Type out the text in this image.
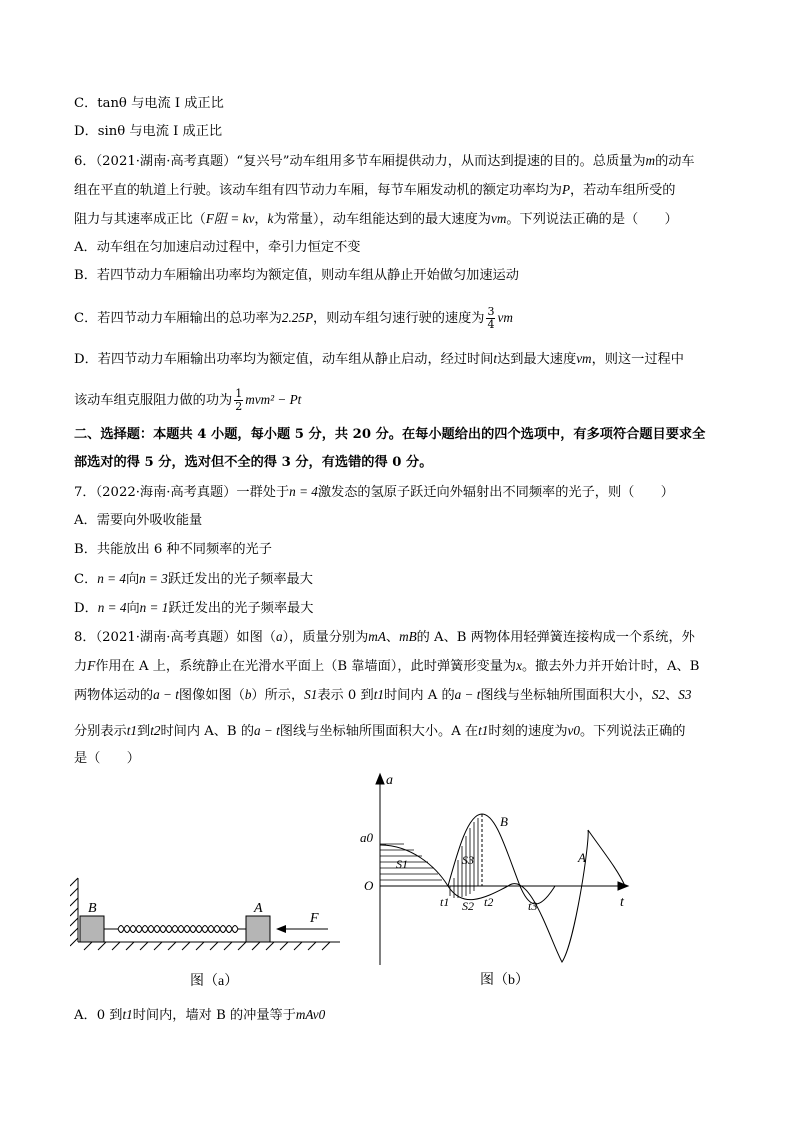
C．tanθ 与电流 I 成正比
D．sinθ 与电流 I 成正比
6．（2021·湖南·高考真题）“复兴号”动车组用多节车厢提供动力，从而达到提速的目的。总质量为m的动车
组在平直的轨道上行驶。该动车组有四节动力车厢，每节车厢发动机的额定功率均为P，若动车组所受的
阻力与其速率成正比（F阻 = kv，k为常量），动车组能达到的最大速度为vm。下列说法正确的是（　　）
A．动车组在匀加速启动过程中，牵引力恒定不变
B．若四节动力车厢输出功率均为额定值，则动车组从静止开始做匀加速运动
C．若四节动力车厢输出的总功率为2.25P，则动车组匀速行驶的速度为 $\frac{3}{4}$ vm
D．若四节动力车厢输出功率均为额定值，动车组从静止启动，经过时间t达到最大速度vm，则这一过程中
该动车组克服阻力做的功为 $\frac{1}{2} mvm^2 - Pt$
二、选择题：本题共 4 小题，每小题 5 分，共 20 分。在每小题给出的四个选项中，有多项符合题目要求全
部选对的得 5 分，选对但不全的得 3 分，有选错的得 0 分。
7．（2022·海南·高考真题）一群处于n = 4激发态的氢原子跃迁向外辐射出不同频率的光子，则（　　）
A．需要向外吸收能量
B．共能放出 6 种不同频率的光子
C．n = 4向n = 3跃迁发出的光子频率最大
D．n = 4向n = 1跃迁发出的光子频率最大
8．（2021·湖南·高考真题）如图（a），质量分别为mA、mB的 A、B 两物体用轻弹簧连接构成一个系统，外
力F作用在 A 上，系统静止在光滑水平面上（B 靠墙面），此时弹簧形变量为x。撤去外力并开始计时，A、B
两物体运动的a − t图像如图（b）所示，S1表示 0 到t1时间内 A 的a − t图线与坐标轴所围面积大小，S2、S3
分别表示t1到t2时间内 A、B 的a − t图线与坐标轴所围面积大小。A 在t1时刻的速度为v0。下列说法正确的
是（　　）
B	A
F
图（a）
a
t
O
a0
B
A
S1	S3
S2
t1	t2	t3
图（b）
A．0 到t1时间内，墙对 B 的冲量等于mAv0
